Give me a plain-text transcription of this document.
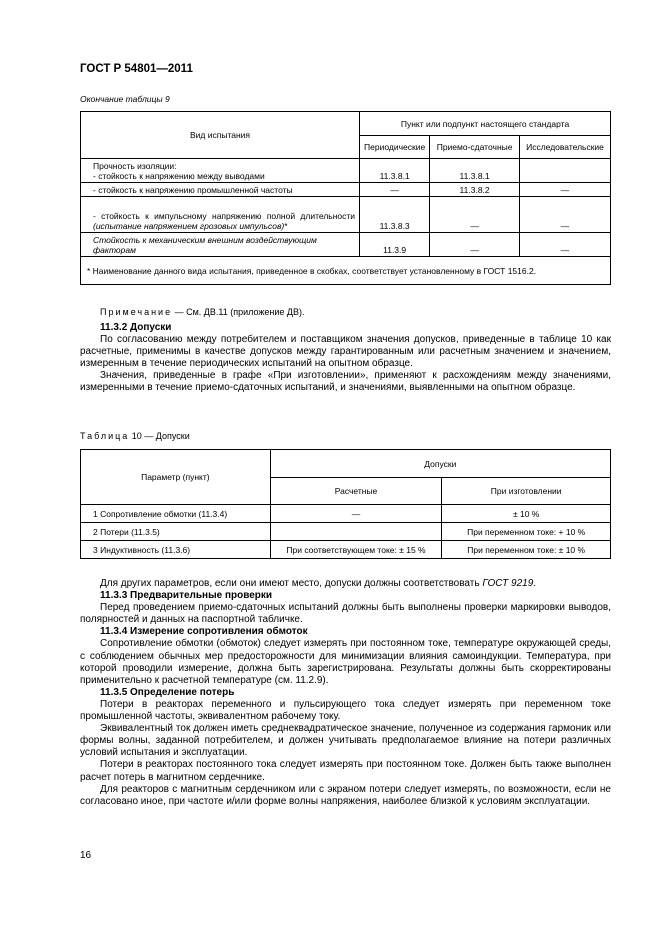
ГОСТ Р 54801—2011
Окончание таблицы 9
Вид испытания	Пункт или подпункт настоящего стандарта		
	Периодические	Приемо-сдаточные	Исследовательские

Прочность изоляции:
- стойкость к напряжению между выводами	11.3.8.1	11.3.8.1	
- стойкость к напряжению промышленной частоты	—	11.3.8.2	—
- стойкость к импульсному напряжению полной длительности (испытание напряжением грозовых импульсов)*	11.3.8.3	—	—
Стойкость к механическим внешним воздействующим факторам	11.3.9	—	—
* Наименование данного вида испытания, приведенное в скобках, соответствует установленному в ГОСТ 1516.2.			
Примечание — См. ДВ.11 (приложение ДВ).

11.3.2 Допуски

По согласованию между потребителем и поставщиком значения допусков, приведенные в таблице 10 как расчетные, применимы в качестве допусков между гарантированным или расчетным значением и значением, измеренным в течение периодических испытаний на опытном образце.

Значения, приведенные в графе «При изготовлении», применяют к расхождениям между значениями, измеренными в течение приемо-сдаточных испытаний, и значениями, выявленными на опытном образце.

Таблица 10 — Допуски
Параметр (пункт)	Допуски	
	Расчетные	При изготовлении
1 Сопротивление обмотки (11.3.4)	—	± 10 %
2 Потери (11.3.5)		При переменном токе: + 10 %
3 Индуктивность (11.3.6)	При соответствующем токе: ± 15 %	При переменном токе: ± 10 %

Для других параметров, если они имеют место, допуски должны соответствовать ГОСТ 9219.

11.3.3 Предварительные проверки

Перед проведением приемо-сдаточных испытаний должны быть выполнены проверки маркировки выводов, полярностей и данных на паспортной табличке.

11.3.4 Измерение сопротивления обмоток

Сопротивление обмотки (обмоток) следует измерять при постоянном токе, температуре окружающей среды, с соблюдением обычных мер предосторожности для минимизации влияния самоиндукции. Температура, при которой проводили измерение, должна быть зарегистрирована. Результаты должны быть скорректированы применительно к расчетной температуре (см. 11.2.9).

11.3.5 Определение потерь

Потери в реакторах переменного и пульсирующего тока следует измерять при переменном токе промышленной частоты, эквивалентном рабочему току.

Эквивалентный ток должен иметь среднеквадратическое значение, полученное из содержания гармоник или формы волны, заданной потребителем, и должен учитывать предполагаемое влияние на потери различных условий испытания и эксплуатации.

Потери в реакторах постоянного тока следует измерять при постоянном токе. Должен быть также выполнен расчет потерь в магнитном сердечнике.

Для реакторов с магнитным сердечником или с экраном потери следует измерять, по возможности, если не согласовано иное, при частоте и/или форме волны напряжения, наиболее близкой к условиям эксплуатации.

16
